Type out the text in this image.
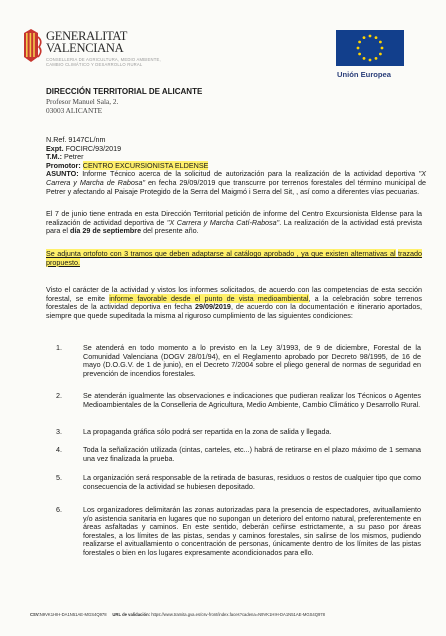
GENERALITAT
VALENCIANA
CONSELLERIA DE AGRICULTURA, MEDIO AMBIENTE,
CAMBIO CLIMÁTICO Y DESARROLLO RURAL
Unión Europea
DIRECCIÓN TERRITORIAL DE ALICANTE
Profesor Manuel Sala, 2.
03003 ALICANTE
N.Ref. 9147CL/nm
Expt. FOCIRC/93/2019
T.M.: Petrer
Promotor: CENTRO EXCURSIONISTA ELDENSE
ASUNTO: Informe Técnico acerca de la solicitud de autorización para la realización de la actividad deportiva "X Carrera y Marcha de Rabosa" en fecha 29/09/2019 que transcurre por terrenos forestales del término municipal de Petrer y afectando al Paisaje Protegido de la Serra del Maigmó i Serra del Sit, , así como a diferentes vías pecuarias.

El 7 de junio tiene entrada en esta Dirección Territorial petición de informe del Centro Excursionista Eldense para la realización de actividad deportiva de "X Carrera y Marcha Catí-Rabosa". La realización de la actividad está prevista para el día 29 de septiembre del presente año.

Se adjunta ortofoto con 3 tramos que deben adaptarse al catálogo aprobado , ya que existen alternativas al trazado propuesto.

Visto el carácter de la actividad y vistos los informes solicitados, de acuerdo con las competencias de esta sección forestal, se emite informe favorable desde el punto de vista medioambiental, a la celebración sobre terrenos forestales de la actividad deportiva en fecha 29/09/2019, de acuerdo con la documentación e itinerario aportados, siempre que quede supeditada la misma al riguroso cumplimiento de las siguientes condiciones:

1.	Se atenderá en todo momento a lo previsto en la Ley 3/1993, de 9 de diciembre, Forestal de la Comunidad Valenciana (DOGV 28/01/94), en el Reglamento aprobado por Decreto 98/1995, de 16 de mayo (D.O.G.V. de 1 de junio), en el Decreto 7/2004 sobre el pliego general de normas de seguridad en prevención de incendios forestales.
2.	Se atenderán igualmente las observaciones e indicaciones que pudieran realizar los Técnicos o Agentes Medioambientales de la Conselleria de Agricultura, Medio Ambiente, Cambio Climático y Desarrollo Rural.
3.	La propaganda gráfica sólo podrá ser repartida en la zona de salida y llegada.
4.	Toda la señalización utilizada (cintas, carteles, etc...) habrá de retirarse en el plazo máximo de 1 semana una vez finalizada la prueba.
5.	La organización será responsable de la retirada de basuras, residuos o restos de cualquier tipo que como consecuencia de la actividad se hubiesen depositado.
6.	Los organizadores delimitarán las zonas autorizadas para la presencia de espectadores, avituallamiento y/o asistencia sanitaria en lugares que no supongan un deterioro del entorno natural, preferentemente en áreas asfaltadas y caminos. En este sentido, deberán ceñirse estrictamente, a su paso por áreas forestales, a los límites de las pistas, sendas y caminos forestales, sin salirse de los mismos, pudiendo realizarse el avituallamiento o concentración de personas, únicamente dentro de los límites de las pistas forestales o bien en los lugares expresamente acondicionados para ello.
CSV:N9VK1HIH-DA1N51AE-MGS4Q978 URL de validación: https://www.tramita.gva.es/csv-front/index.faces?cadena=N9VK1HIH-DA1N51AE-MGS4Q978
